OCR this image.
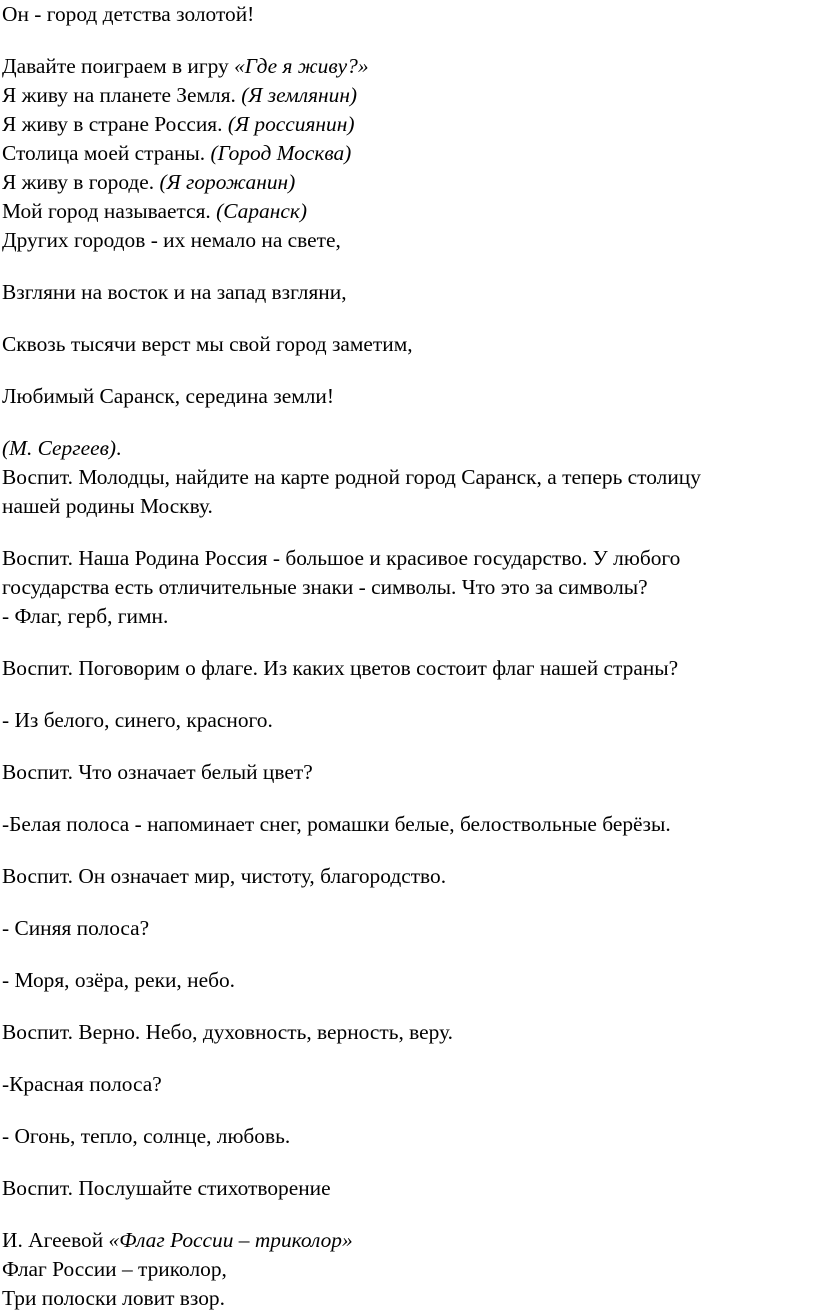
Он - город детства золотой!
Давайте поиграем в игру «Где я живу?»
Я живу на планете Земля. (Я землянин)
Я живу в стране Россия. (Я россиянин)
Столица моей страны. (Город Москва)
Я живу в городе. (Я горожанин)
Мой город называется. (Саранск)
Других городов - их немало на свете,
Взгляни на восток и на запад взгляни,
Сквозь тысячи верст мы свой город заметим,
Любимый Саранск, середина земли!
(М. Сергеев).
Воспит. Молодцы, найдите на карте родной город Саранск, а теперь столицу
нашей родины Москву.
Воспит. Наша Родина Россия - большое и красивое государство. У любого
государства есть отличительные знаки - символы. Что это за символы?
- Флаг, герб, гимн.
Воспит. Поговорим о флаге. Из каких цветов состоит флаг нашей страны?
- Из белого, синего, красного.
Воспит. Что означает белый цвет?
-Белая полоса - напоминает снег, ромашки белые, белоствольные берёзы.
Воспит. Он означает мир, чистоту, благородство.
- Синяя полоса?
- Моря, озёра, реки, небо.
Воспит. Верно. Небо, духовность, верность, веру.
-Красная полоса?
- Огонь, тепло, солнце, любовь.
Воспит. Послушайте стихотворение
И. Агеевой «Флаг России – триколор»
Флаг России – триколор,
Три полоски ловит взор.
